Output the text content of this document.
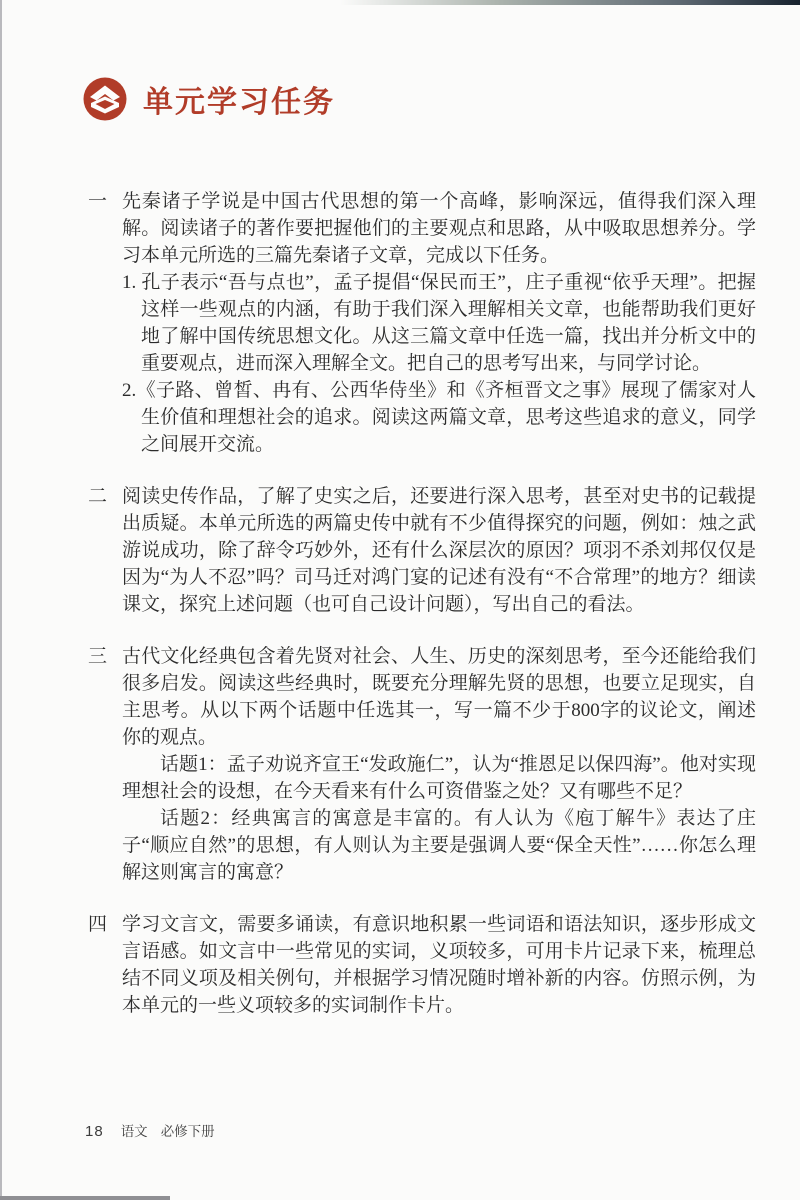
单元学习任务
一 先秦诸子学说是中国古代思想的第一个高峰，影响深远，值得我们深入理解。阅读诸子的著作要把握他们的主要观点和思路，从中吸取思想养分。学习本单元所选的三篇先秦诸子文章，完成以下任务。

1. 孔子表示“吾与点也”，孟子提倡“保民而王”，庄子重视“依乎天理”。把握这样一些观点的内涵，有助于我们深入理解相关文章，也能帮助我们更好地了解中国传统思想文化。从这三篇文章中任选一篇，找出并分析文中的重要观点，进而深入理解全文。把自己的思考写出来，与同学讨论。

2.《子路、曾皙、冉有、公西华侍坐》和《齐桓晋文之事》展现了儒家对人生价值和理想社会的追求。阅读这两篇文章，思考这些追求的意义，同学之间展开交流。

二 阅读史传作品，了解了史实之后，还要进行深入思考，甚至对史书的记载提出质疑。本单元所选的两篇史传中就有不少值得探究的问题，例如：烛之武游说成功，除了辞令巧妙外，还有什么深层次的原因？项羽不杀刘邦仅仅是因为“为人不忍”吗？司马迁对鸿门宴的记述有没有“不合常理”的地方？细读课文，探究上述问题（也可自己设计问题），写出自己的看法。

三 古代文化经典包含着先贤对社会、人生、历史的深刻思考，至今还能给我们很多启发。阅读这些经典时，既要充分理解先贤的思想，也要立足现实，自主思考。从以下两个话题中任选其一，写一篇不少于800字的议论文，阐述你的观点。

话题1：孟子劝说齐宣王“发政施仁”，认为“推恩足以保四海”。他对实现理想社会的设想，在今天看来有什么可资借鉴之处？又有哪些不足？

话题2：经典寓言的寓意是丰富的。有人认为《庖丁解牛》表达了庄子“顺应自然”的思想，有人则认为主要是强调人要“保全天性”……你怎么理解这则寓言的寓意？

四 学习文言文，需要多诵读，有意识地积累一些词语和语法知识，逐步形成文言语感。如文言中一些常见的实词，义项较多，可用卡片记录下来，梳理总结不同义项及相关例句，并根据学习情况随时增补新的内容。仿照示例，为本单元的一些义项较多的实词制作卡片。

18 语文 必修下册
